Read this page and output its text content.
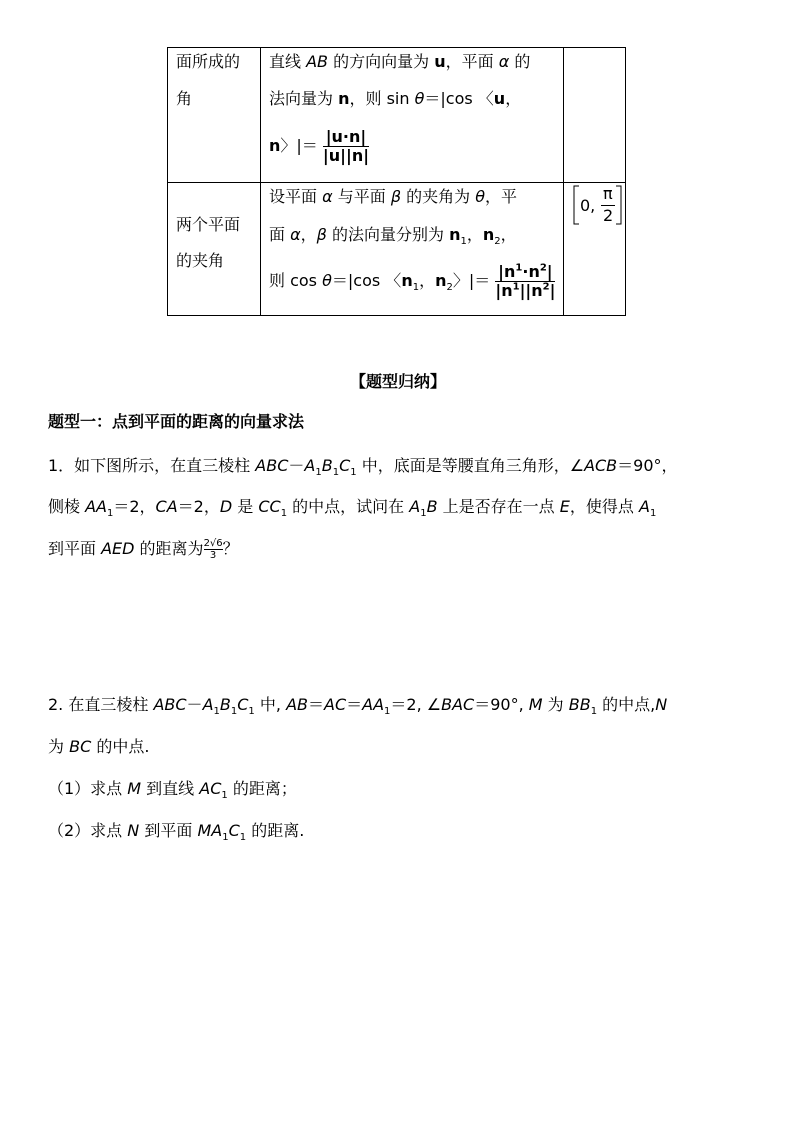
面所成的
角
直线 AB 的方向向量为 u，平面 α 的
法向量为 n，则 sin θ＝|cos 〈u，
n〉|＝ $\frac{|u\cdot n|}{|u||n|}$
两个平面
的夹角
设平面 α 与平面 β 的夹角为 θ，平
面 α，β 的法向量分别为 $n_1$，$n_2$，
则 cos θ＝|cos 〈$n_1$，$n_2$〉|＝ $\frac{|n^1\cdot n^2|}{|n^1||n^2|}$
0,
π
2
【题型归纳】
题型一：点到平面的距离的向量求法
1．如下图所示，在直三棱柱 $ABC-A_1B_1C_1$ 中，底面是等腰直角三角形，∠ACB＝90°，
侧棱 $AA_1=2$，CA＝2，D 是 $CC_1$ 的中点，试问在 $A_1B$ 上是否存在一点 E，使得点 $A_1$
到平面 AED 的距离为 $\frac{2√6}{3}$？
2. 在直三棱柱 $ABC-A_1B_1C_1$ 中, $AB=AC=AA_1=2$, ∠BAC＝90°, M 为 $BB_1$ 的中点,N
为 BC 的中点.
（1）求点 M 到直线 $AC_1$ 的距离；
（2）求点 N 到平面 $MA_1C_1$ 的距离.
